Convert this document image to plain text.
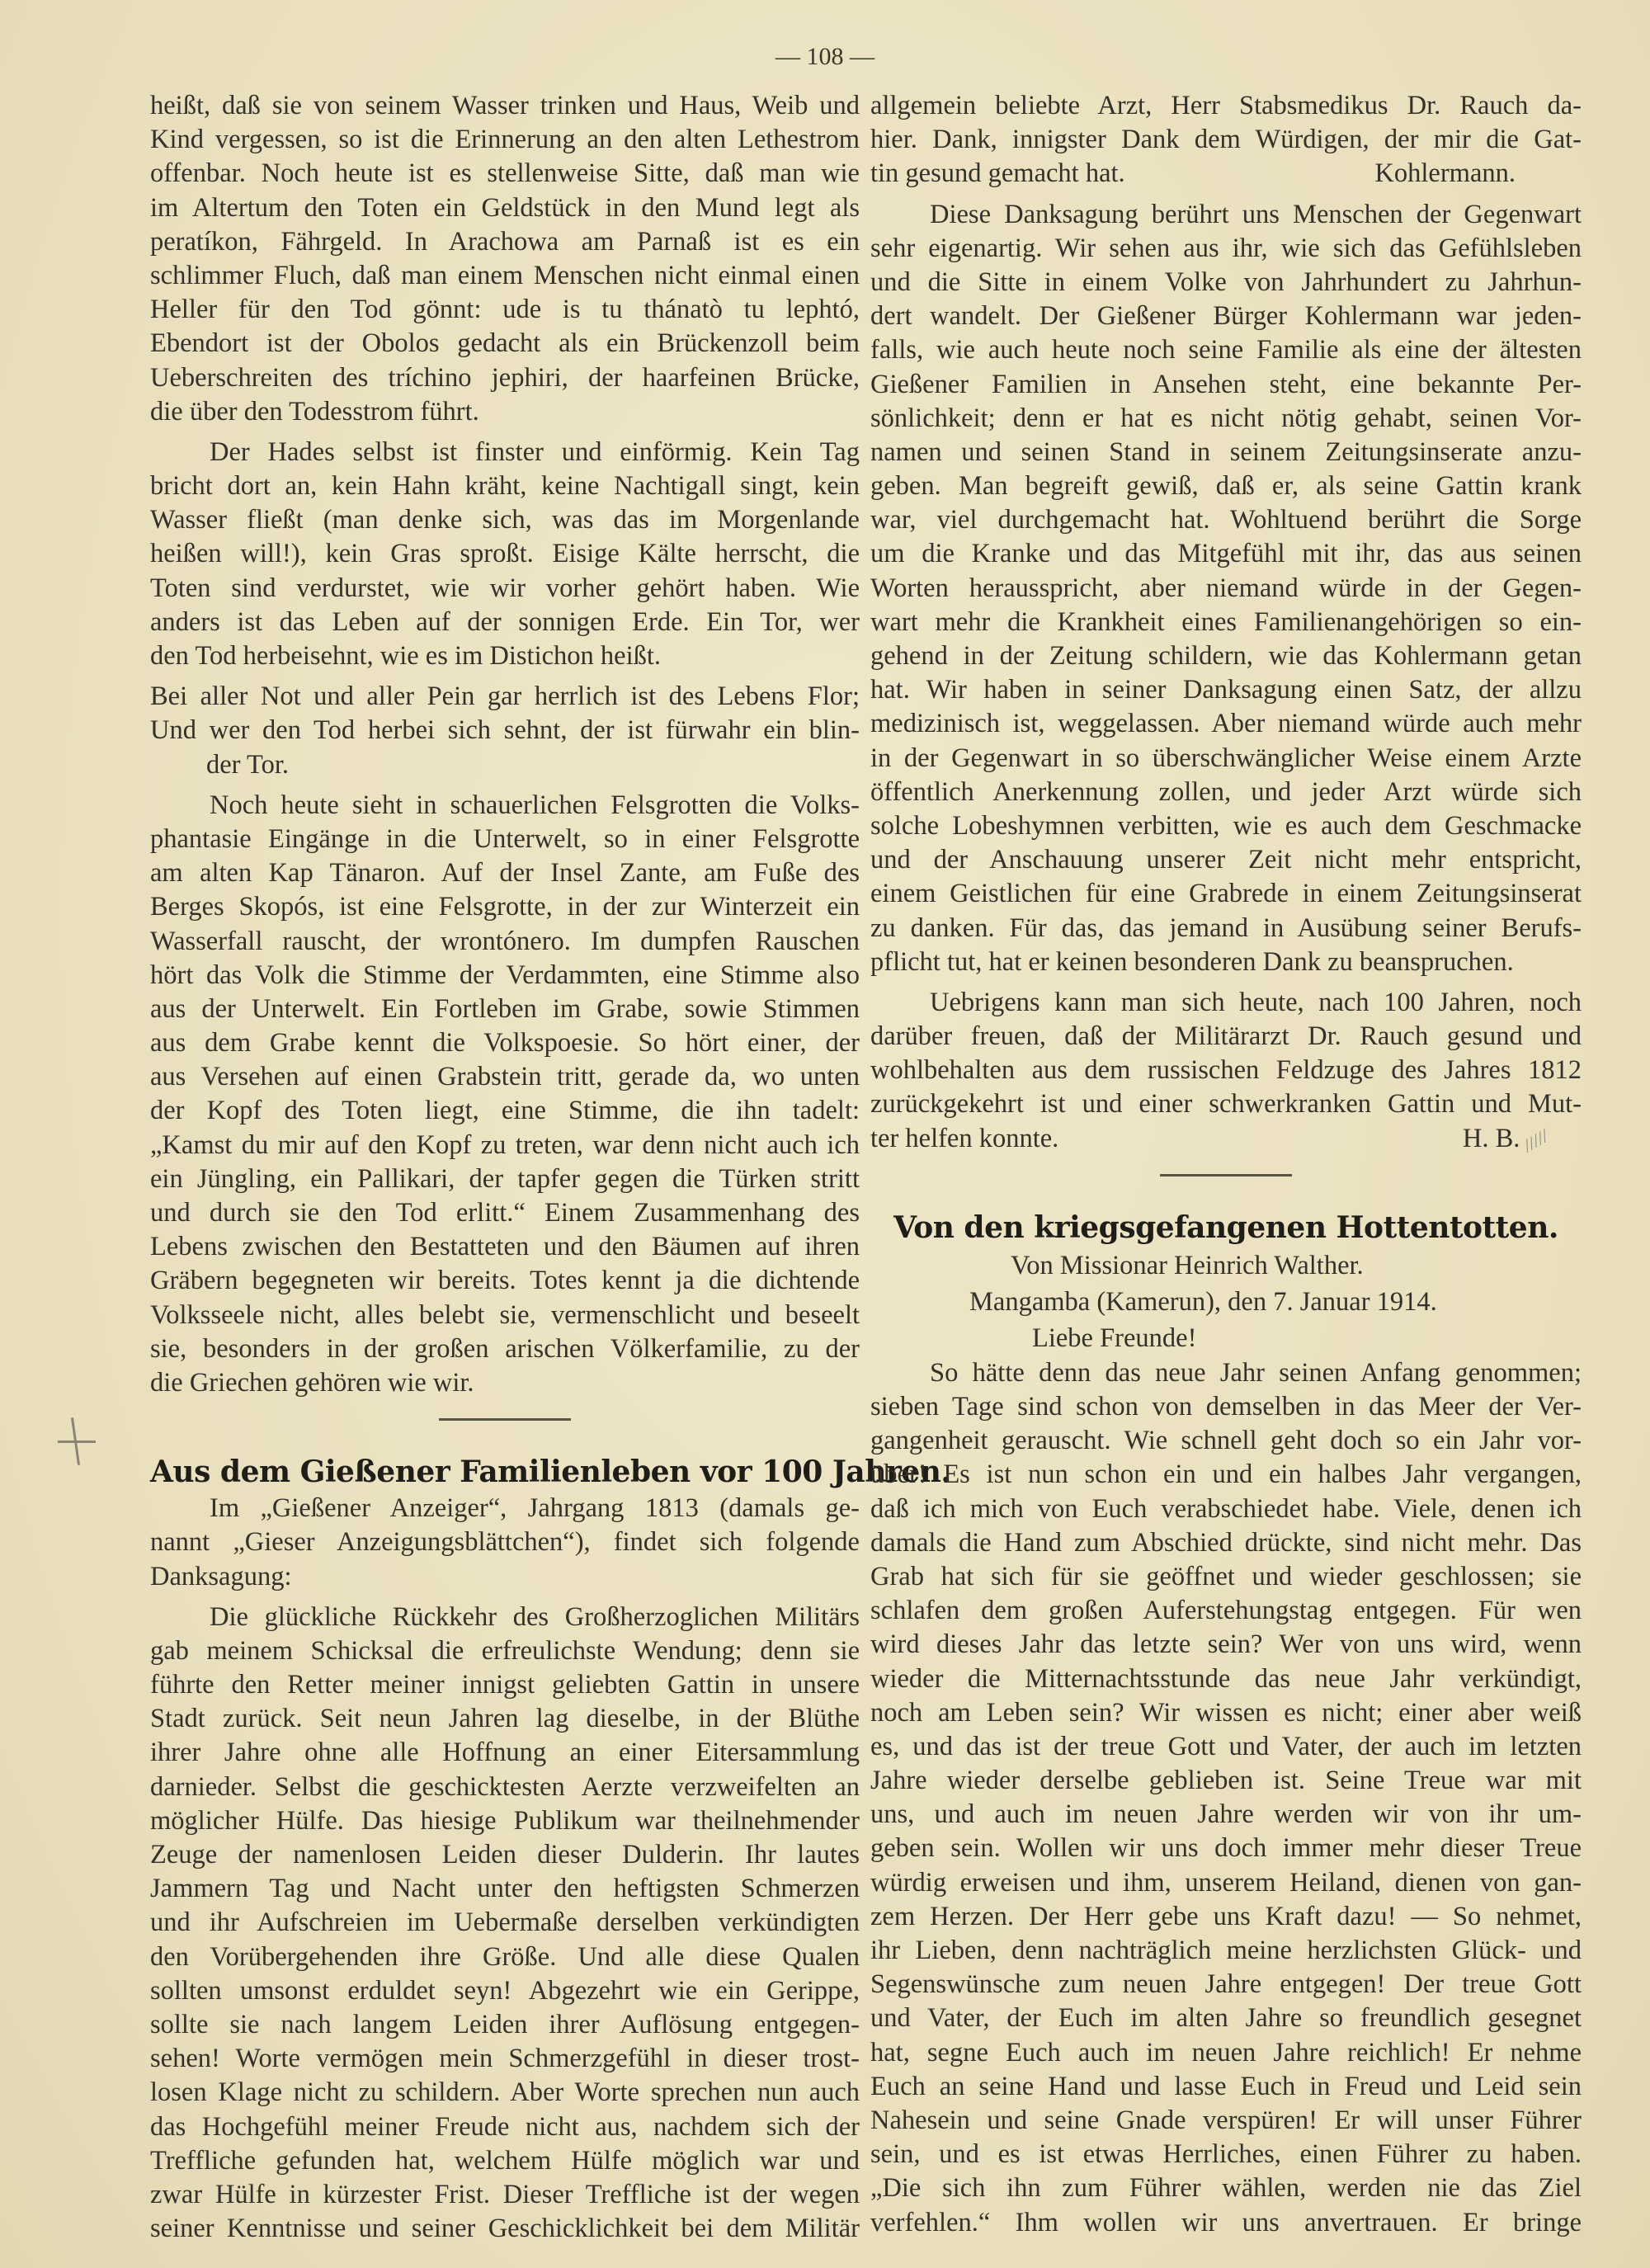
— 108 —
heißt, daß sie von seinem Wasser trinken und Haus, Weib und
Kind vergessen, so ist die Erinnerung an den alten Lethestrom
offenbar. Noch heute ist es stellenweise Sitte, daß man wie
im Altertum den Toten ein Geldstück in den Mund legt als
peratíkon, Fährgeld. In Arachowa am Parnaß ist es ein
schlimmer Fluch, daß man einem Menschen nicht einmal einen
Heller für den Tod gönnt: ude is tu thánatò tu lephtó,
Ebendort ist der Obolos gedacht als ein Brückenzoll beim
Ueberschreiten des tríchino jephiri, der haarfeinen Brücke,
die über den Todesstrom führt.
Der Hades selbst ist finster und einförmig. Kein Tag
bricht dort an, kein Hahn kräht, keine Nachtigall singt, kein
Wasser fließt (man denke sich, was das im Morgenlande
heißen will!), kein Gras sproßt. Eisige Kälte herrscht, die
Toten sind verdurstet, wie wir vorher gehört haben. Wie
anders ist das Leben auf der sonnigen Erde. Ein Tor, wer
den Tod herbeisehnt, wie es im Distichon heißt.
Bei aller Not und aller Pein gar herrlich ist des Lebens Flor;
Und wer den Tod herbei sich sehnt, der ist fürwahr ein blin-
der Tor.
Noch heute sieht in schauerlichen Felsgrotten die Volks-
phantasie Eingänge in die Unterwelt, so in einer Felsgrotte
am alten Kap Tänaron. Auf der Insel Zante, am Fuße des
Berges Skopós, ist eine Felsgrotte, in der zur Winterzeit ein
Wasserfall rauscht, der wrontónero. Im dumpfen Rauschen
hört das Volk die Stimme der Verdammten, eine Stimme also
aus der Unterwelt. Ein Fortleben im Grabe, sowie Stimmen
aus dem Grabe kennt die Volkspoesie. So hört einer, der
aus Versehen auf einen Grabstein tritt, gerade da, wo unten
der Kopf des Toten liegt, eine Stimme, die ihn tadelt:
„Kamst du mir auf den Kopf zu treten, war denn nicht auch ich
ein Jüngling, ein Pallikari, der tapfer gegen die Türken stritt
und durch sie den Tod erlitt.“ Einem Zusammenhang des
Lebens zwischen den Bestatteten und den Bäumen auf ihren
Gräbern begegneten wir bereits. Totes kennt ja die dichtende
Volksseele nicht, alles belebt sie, vermenschlicht und beseelt
sie, besonders in der großen arischen Völkerfamilie, zu der
die Griechen gehören wie wir.
Aus dem Gießener Familienleben vor 100 Jahren.
Im „Gießener Anzeiger“, Jahrgang 1813 (damals ge-
nannt „Gieser Anzeigungsblättchen“), findet sich folgende
Danksagung:
Die glückliche Rückkehr des Großherzoglichen Militärs
gab meinem Schicksal die erfreulichste Wendung; denn sie
führte den Retter meiner innigst geliebten Gattin in unsere
Stadt zurück. Seit neun Jahren lag dieselbe, in der Blüthe
ihrer Jahre ohne alle Hoffnung an einer Eitersammlung
darnieder. Selbst die geschicktesten Aerzte verzweifelten an
möglicher Hülfe. Das hiesige Publikum war theilnehmender
Zeuge der namenlosen Leiden dieser Dulderin. Ihr lautes
Jammern Tag und Nacht unter den heftigsten Schmerzen
und ihr Aufschreien im Uebermaße derselben verkündigten
den Vorübergehenden ihre Größe. Und alle diese Qualen
sollten umsonst erduldet seyn! Abgezehrt wie ein Gerippe,
sollte sie nach langem Leiden ihrer Auflösung entgegen-
sehen! Worte vermögen mein Schmerzgefühl in dieser trost-
losen Klage nicht zu schildern. Aber Worte sprechen nun auch
das Hochgefühl meiner Freude nicht aus, nachdem sich der
Treffliche gefunden hat, welchem Hülfe möglich war und
zwar Hülfe in kürzester Frist. Dieser Treffliche ist der wegen
seiner Kenntnisse und seiner Geschicklichkeit bei dem Militär
allgemein beliebte Arzt, Herr Stabsmedikus Dr. Rauch da-
hier. Dank, innigster Dank dem Würdigen, der mir die Gat-
tin gesund gemacht hat.	Kohlermann.
Diese Danksagung berührt uns Menschen der Gegenwart
sehr eigenartig. Wir sehen aus ihr, wie sich das Gefühlsleben
und die Sitte in einem Volke von Jahrhundert zu Jahrhun-
dert wandelt. Der Gießener Bürger Kohlermann war jeden-
falls, wie auch heute noch seine Familie als eine der ältesten
Gießener Familien in Ansehen steht, eine bekannte Per-
sönlichkeit; denn er hat es nicht nötig gehabt, seinen Vor-
namen und seinen Stand in seinem Zeitungsinserate anzu-
geben. Man begreift gewiß, daß er, als seine Gattin krank
war, viel durchgemacht hat. Wohltuend berührt die Sorge
um die Kranke und das Mitgefühl mit ihr, das aus seinen
Worten herausspricht, aber niemand würde in der Gegen-
wart mehr die Krankheit eines Familienangehörigen so ein-
gehend in der Zeitung schildern, wie das Kohlermann getan
hat. Wir haben in seiner Danksagung einen Satz, der allzu
medizinisch ist, weggelassen. Aber niemand würde auch mehr
in der Gegenwart in so überschwänglicher Weise einem Arzte
öffentlich Anerkennung zollen, und jeder Arzt würde sich
solche Lobeshymnen verbitten, wie es auch dem Geschmacke
und der Anschauung unserer Zeit nicht mehr entspricht,
einem Geistlichen für eine Grabrede in einem Zeitungsinserat
zu danken. Für das, das jemand in Ausübung seiner Berufs-
pflicht tut, hat er keinen besonderen Dank zu beanspruchen.
Uebrigens kann man sich heute, nach 100 Jahren, noch
darüber freuen, daß der Militärarzt Dr. Rauch gesund und
wohlbehalten aus dem russischen Feldzuge des Jahres 1812
zurückgekehrt ist und einer schwerkranken Gattin und Mut-
ter helfen konnte.	H. B./////
Von den kriegsgefangenen Hottentotten.
Von Missionar Heinrich Walther.
Mangamba (Kamerun), den 7. Januar 1914.
Liebe Freunde!
So hätte denn das neue Jahr seinen Anfang genommen;
sieben Tage sind schon von demselben in das Meer der Ver-
gangenheit gerauscht. Wie schnell geht doch so ein Jahr vor-
über! Es ist nun schon ein und ein halbes Jahr vergangen,
daß ich mich von Euch verabschiedet habe. Viele, denen ich
damals die Hand zum Abschied drückte, sind nicht mehr. Das
Grab hat sich für sie geöffnet und wieder geschlossen; sie
schlafen dem großen Auferstehungstag entgegen. Für wen
wird dieses Jahr das letzte sein? Wer von uns wird, wenn
wieder die Mitternachtsstunde das neue Jahr verkündigt,
noch am Leben sein? Wir wissen es nicht; einer aber weiß
es, und das ist der treue Gott und Vater, der auch im letzten
Jahre wieder derselbe geblieben ist. Seine Treue war mit
uns, und auch im neuen Jahre werden wir von ihr um-
geben sein. Wollen wir uns doch immer mehr dieser Treue
würdig erweisen und ihm, unserem Heiland, dienen von gan-
zem Herzen. Der Herr gebe uns Kraft dazu! — So nehmet,
ihr Lieben, denn nachträglich meine herzlichsten Glück- und
Segenswünsche zum neuen Jahre entgegen! Der treue Gott
und Vater, der Euch im alten Jahre so freundlich gesegnet
hat, segne Euch auch im neuen Jahre reichlich! Er nehme
Euch an seine Hand und lasse Euch in Freud und Leid sein
Nahesein und seine Gnade verspüren! Er will unser Führer
sein, und es ist etwas Herrliches, einen Führer zu haben.
„Die sich ihn zum Führer wählen, werden nie das Ziel
verfehlen.“ Ihm wollen wir uns anvertrauen. Er bringe
